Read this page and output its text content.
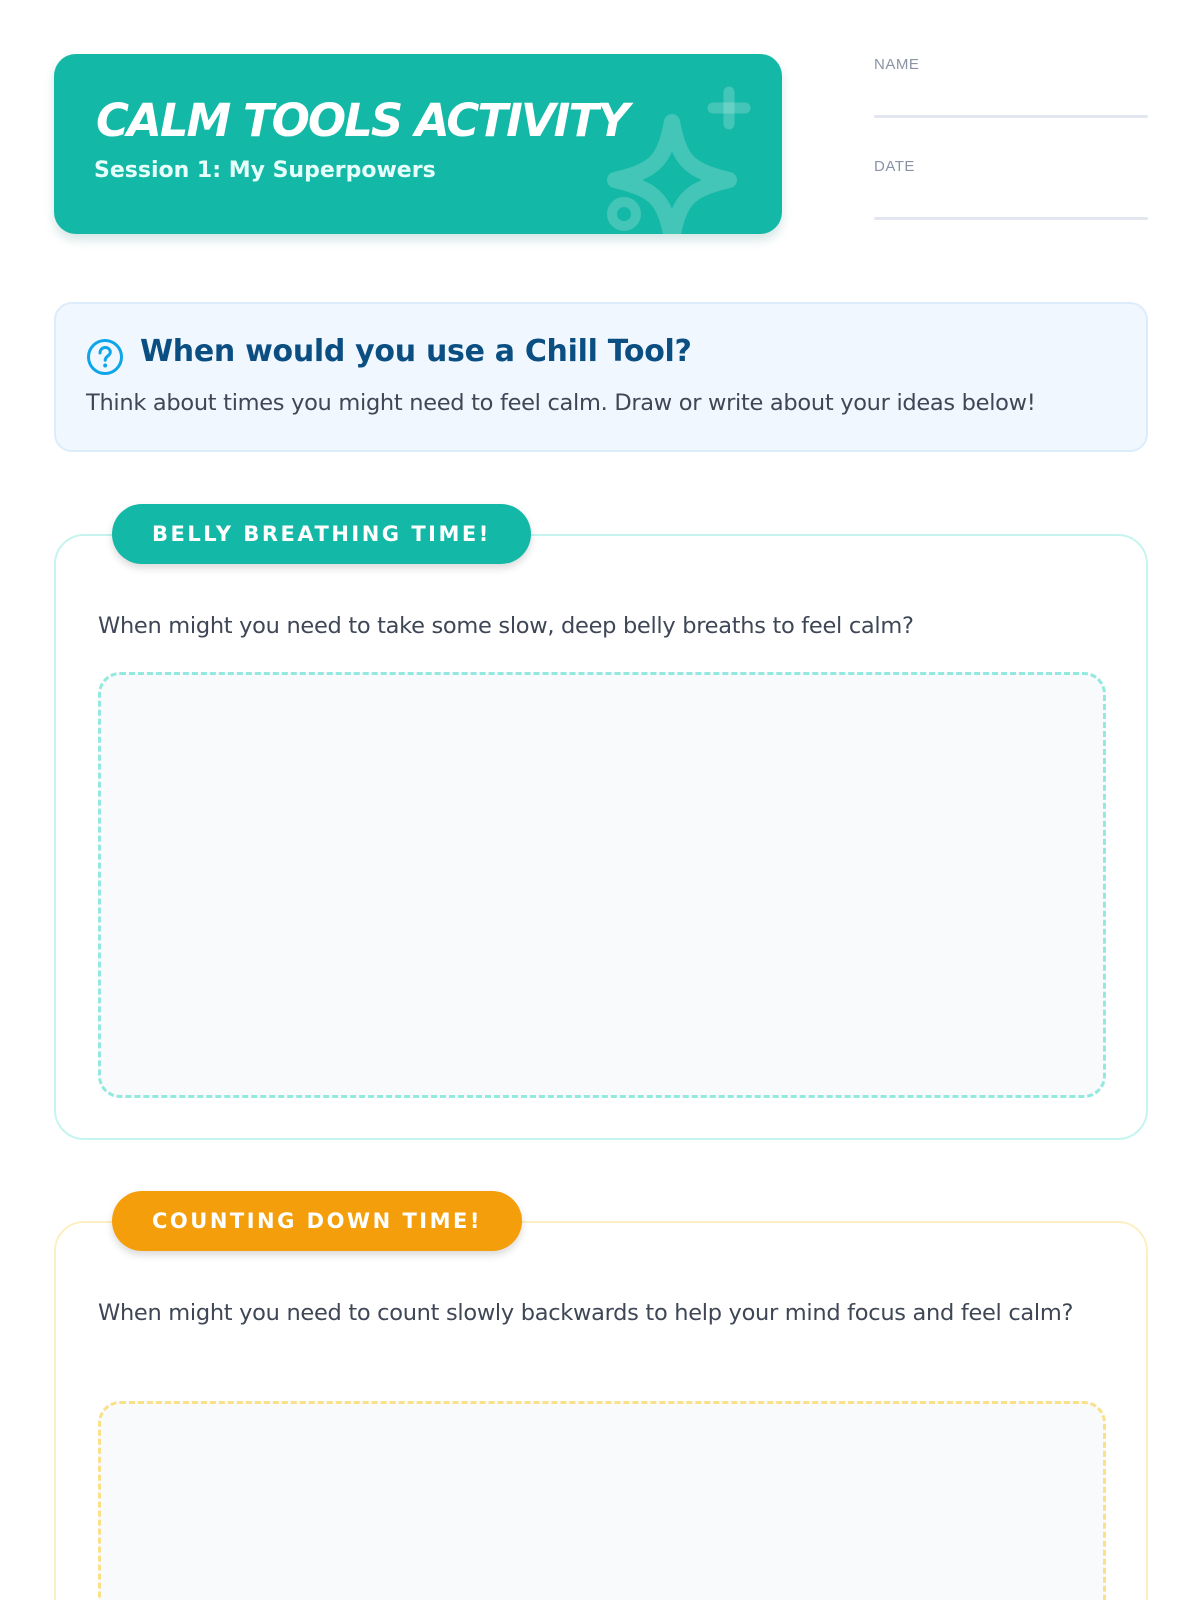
CALM TOOLS ACTIVITY
Session 1: My Superpowers
NAME
DATE
When would you use a Chill Tool?
Think about times you might need to feel calm. Draw or write about your ideas below!
BELLY BREATHING TIME!
When might you need to take some slow, deep belly breaths to feel calm?
COUNTING DOWN TIME!
When might you need to count slowly backwards to help your mind focus and feel calm?
